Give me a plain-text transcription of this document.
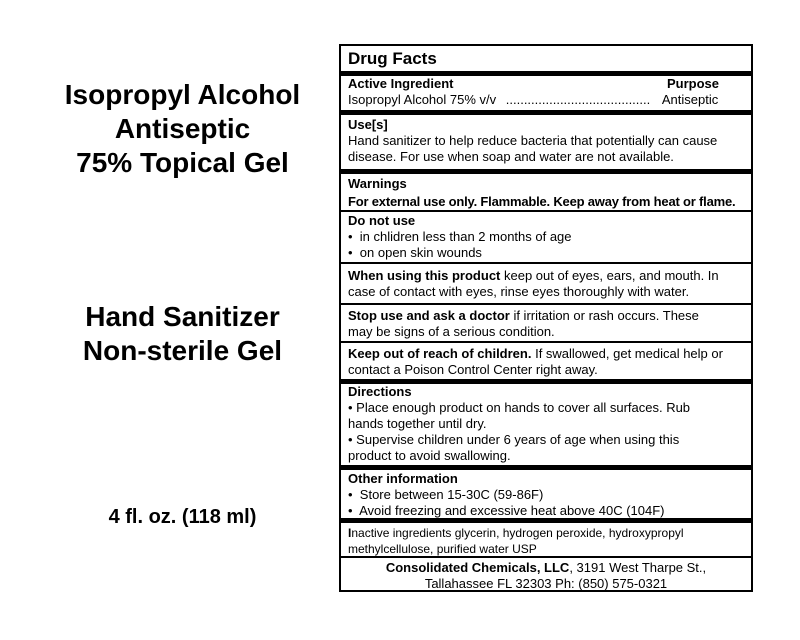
Isopropyl Alcohol
Antiseptic
75% Topical Gel
Hand Sanitizer
Non-sterile Gel
4 fl. oz. (118 ml)
Drug Facts
Active Ingredient	Purpose
Isopropyl Alcohol 75% v/v ........................................ Antiseptic
Use[s]
Hand sanitizer to help reduce bacteria that potentially can cause
disease. For use when soap and water are not available.
Warnings
For external use only. Flammable. Keep away from heat or flame.
Do not use
•  in chlidren less than 2 months of age
•  on open skin wounds
When using this product keep out of eyes, ears, and mouth. In
case of contact with eyes, rinse eyes thoroughly with water.
Stop use and ask a doctor if irritation or rash occurs. These
may be signs of a serious condition.
Keep out of reach of children. If swallowed, get medical help or
contact a Poison Control Center right away.
Directions
• Place enough product on hands to cover all surfaces. Rub
hands together until dry.
• Supervise children under 6 years of age when using this
product to avoid swallowing.
Other information
•  Store between 15-30C (59-86F)
•  Avoid freezing and excessive heat above 40C (104F)
Inactive ingredients glycerin, hydrogen peroxide, hydroxypropyl
methylcellulose, purified water USP
Consolidated Chemicals, LLC, 3191 West Tharpe St.,
Tallahassee FL 32303 Ph: (850) 575-0321
